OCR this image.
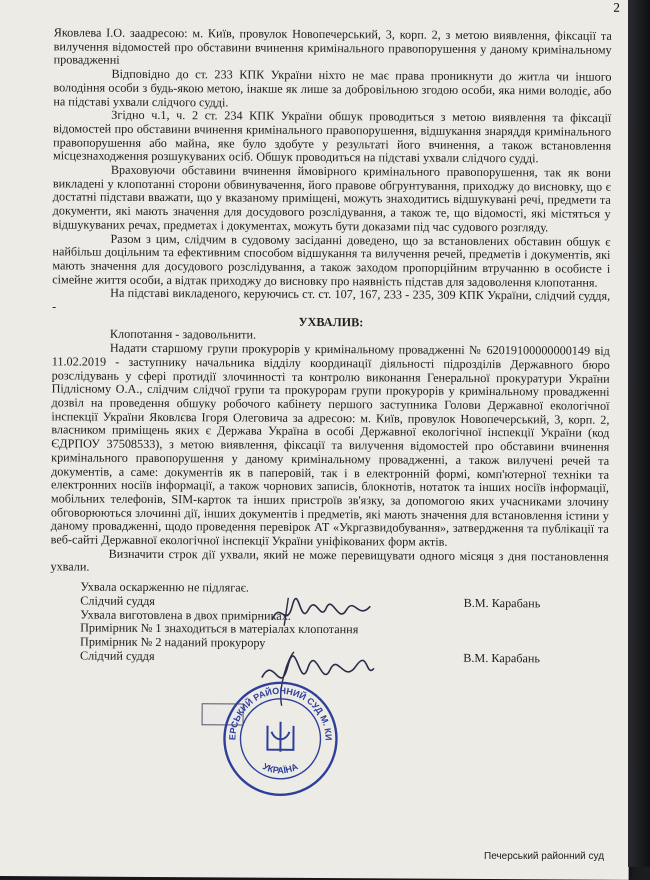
2

Яковлева І.О. заадресою: м. Київ, провулок Новопечерський, 3, корп. 2, з метою виявлення, фіксації та вилучення відомостей про обставини вчинення кримінального правопорушення у даному кримінальному провадженні

Відповідно до ст. 233 КПК України ніхто не має права проникнути до житла чи іншого володіння особи з будь-якою метою, інакше як лише за добровільною згодою особи, яка ними володіє, або на підставі ухвали слідчого судді.

Згідно ч.1, ч. 2 ст. 234 КПК України обшук проводиться з метою виявлення та фіксації відомостей про обставини вчинення кримінального правопорушення, відшукання знаряддя кримінального правопорушення або майна, яке було здобуте у результаті його вчинення, а також встановлення місцезнаходження розшукуваних осіб. Обшук проводиться на підставі ухвали слідчого судді.

Враховуючи обставини вчинення ймовірного кримінального правопорушення, так як вони викладені у клопотанні сторони обвинувачення, його правове обгрунтування, приходжу до висновку, що є достатні підстави вважати, що у вказаному приміщені, можуть знаходитись відшукувані речі, предмети та документи, які мають значення для досудового розслідування, а також те, що відомості, які містяться у відшукуваних речах, предметах і документах, можуть бути доказами під час судового розгляду.

Разом з цим, слідчим в судовому засіданні доведено, що за встановлених обставин обшук є найбільш доцільним та ефективним способом відшукання та вилучення речей, предметів і документів, які мають значення для досудового розслідування, а також заходом пропорційним втручанню в особисте і сімейне життя особи, а відтак приходжу до висновку про наявність підстав для задоволення клопотання.

На підставі викладеного, керуючись ст. ст. 107, 167, 233 - 235, 309 КПК України, слідчий суддя, -

УХВАЛИВ:

Клопотання - задовольнити.

Надати старшому групи прокурорів у кримінальному провадженні № 62019100000000149 від 11.02.2019 - заступнику начальника відділу координації діяльності підрозділів Державного бюро розслідувань у сфері протидії злочинності та контролю виконання Генеральної прокуратури України Підлісному О.А., слідчим слідчої групи та прокурорам групи прокурорів у кримінальному провадженні дозвіл на проведення обшуку робочого кабінету першого заступника Голови Державної екологічної інспекції України Яковлєва Ігоря Олеговича за адресою: м. Київ, провулок Новопечерський, 3, корп. 2, власником приміщень яких є Держава Україна в особі Державної екологічної інспекції України (код ЄДРПОУ 37508533), з метою виявлення, фіксації та вилучення відомостей про обставини вчинення кримінального правопорушення у даному кримінальному провадженні, а також вилучені речей та документів, а саме: документів як в паперовій, так і в електронній формі, комп'ютерної техніки та електронних носіїв інформації, а також чорнових записів, блокнотів, нотаток та інших носіїв інформації, мобільних телефонів, SIM-карток та інших пристроїв зв'язку, за допомогою яких учасниками злочину обговорюються злочинні дії, інших документів і предметів, які мають значення для встановлення істини у даному провадженні, щодо проведення перевірок АТ «Укргазвидобування», затвердження та публікації та веб-сайті Державної екологічної інспекції України уніфікованих форм актів.

Визначити строк дії ухвали, який не може перевищувати одного місяця з дня постановлення ухвали.

Ухвала оскарженню не підлягає.

Слідчий суддя	В.М. Карабань

Ухвала виготовлена в двох примірниках.

Примірник № 1 знаходиться в матеріалах клопотання

Примірник № 2 наданий прокурору

Слідчий суддя	В.М. Карабань
ПЕЧЕРСЬКИЙ РАЙОННИЙ СУД М. КИЄВА
УКРАЇНА
Печерський районний суд
